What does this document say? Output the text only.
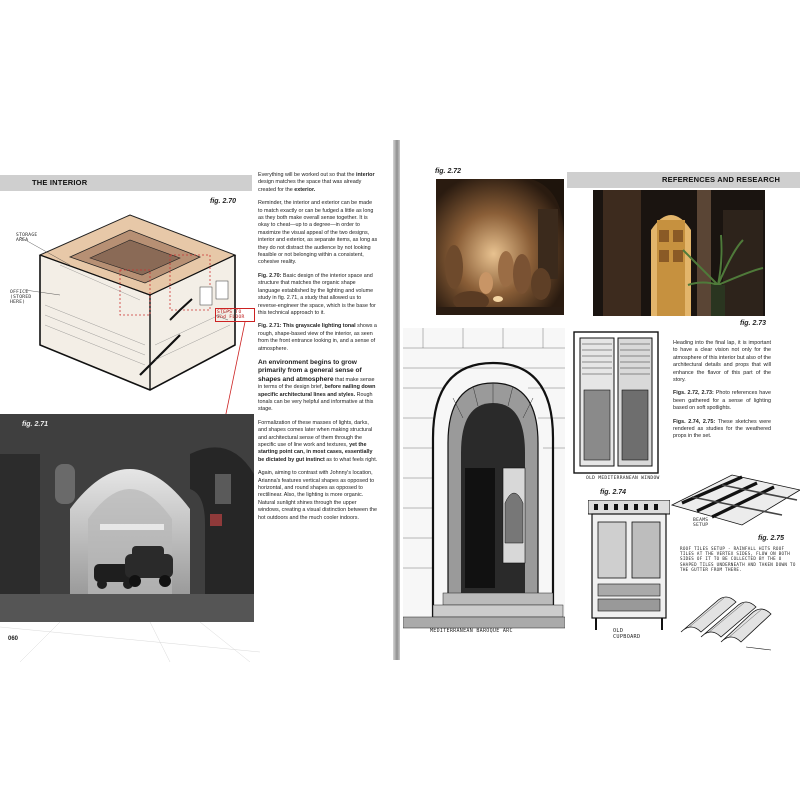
THE INTERIOR
fig. 2.70
STORAGE AREA
OFFICE (STORED HERE)
STEPS TO 2nd FLOOR
fig. 2.71
060

Everything will be worked out so that the interior design matches the space that was already created for the exterior.

Reminder, the interior and exterior can be made to match exactly or can be fudged a little as long as they both make overall sense together. It is okay to cheat—up to a degree—in order to maximize the visual appeal of the two designs, interior and exterior, as separate items, as long as they do not distract the audience by not looking feasible or not belonging within a consistent, cohesive reality.

Fig. 2.70: Basic design of the interior space and structure that matches the organic shape language established by the lighting and volume study in fig. 2.71, a study that allowed us to reverse-engineer the space, which is the base for this technical approach to it.

Fig. 2.71: This grayscale lighting tonal shows a rough, shape-based view of the interior, as seen from the front entrance looking in, and a sense of atmosphere.

An environment begins to grow primarily from a general sense of shapes and atmosphere that make sense in terms of the design brief, before nailing down specific architectural lines and styles. Rough tonals can be very helpful and informative at this stage.

Formalization of these masses of lights, darks, and shapes comes later when making structural and architectural sense of them through the specific use of line work and textures, yet the starting point can, in most cases, essentially be dictated by gut instinct as to what feels right.

Again, aiming to contrast with Johnny's location, Arianna's features vertical shapes as opposed to horizontal, and round shapes as opposed to rectilinear. Also, the lighting is more organic. Natural sunlight shines through the upper windows, creating a visual distinction between the hot outdoors and the much cooler indoors.

fig. 2.72
REFERENCES AND RESEARCH
fig. 2.73
MEDITERRANEAN BAROQUE ARC
OLD MEDITERRANEAN WINDOW
fig. 2.74
OLD CUPBOARD

Heading into the final lap, it is important to have a clear vision not only for the atmosphere of this interior but also of the architectural details and props that will enhance the flavor of this part of the story.

Figs. 2.72, 2.73: Photo references have been gathered for a sense of lighting based on soft spotlights.

Figs. 2.74, 2.75: These sketches were rendered as studies for the weathered props in the set.

BEAMS SETUP
fig. 2.75
ROOF TILES SETUP - RAINFALL HITS ROOF TILES AT THE VERTEX SIDES, FLOW ON BOTH SIDES OF IT TO BE COLLECTED BY THE U SHAPED TILES UNDERNEATH AND TAKEN DOWN TO THE GUTTER FROM THERE.
